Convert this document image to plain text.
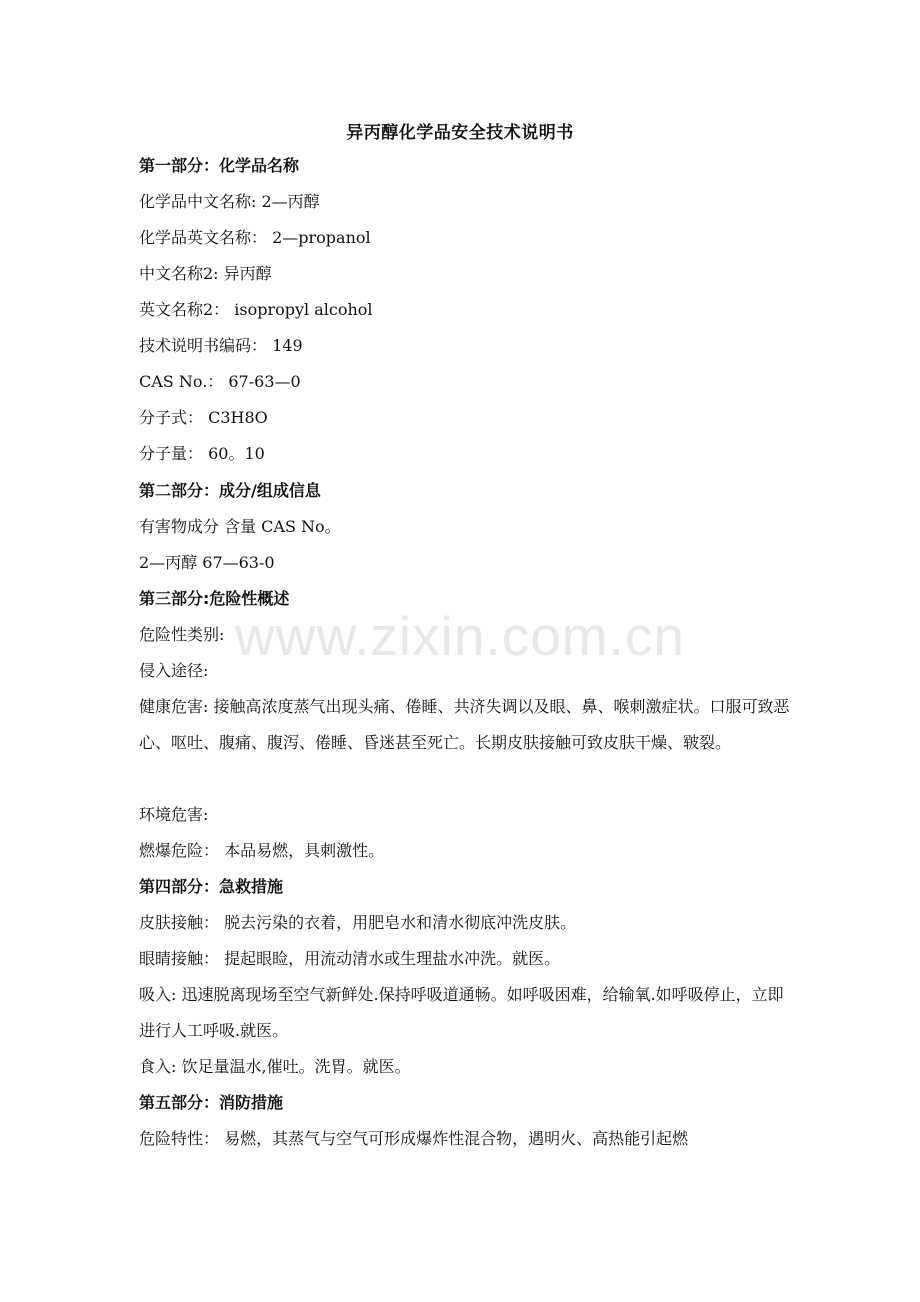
异丙醇化学品安全技术说明书
第一部分：化学品名称
化学品中文名称: 2—丙醇
化学品英文名称： 2—propanol
中文名称2: 异丙醇
英文名称2： isopropyl alcohol
技术说明书编码： 149
CAS No.： 67-63—0
分子式： C3H8O
分子量： 60。10
第二部分：成分/组成信息
有害物成分 含量 CAS No。
2—丙醇 67—63-0
第三部分:危险性概述
危险性类别:
侵入途径:
健康危害: 接触高浓度蒸气出现头痛、倦睡、共济失调以及眼、鼻、喉刺激症状。口服可致恶心、呕吐、腹痛、腹泻、倦睡、昏迷甚至死亡。长期皮肤接触可致皮肤干燥、皲裂。
环境危害:
燃爆危险： 本品易燃，具刺激性。
第四部分：急救措施
皮肤接触： 脱去污染的衣着，用肥皂水和清水彻底冲洗皮肤。
眼睛接触： 提起眼睑，用流动清水或生理盐水冲洗。就医。
吸入: 迅速脱离现场至空气新鲜处.保持呼吸道通畅。如呼吸困难，给输氧.如呼吸停止，立即进行人工呼吸.就医。
食入: 饮足量温水,催吐。洗胃。就医。
第五部分：消防措施
危险特性： 易燃，其蒸气与空气可形成爆炸性混合物，遇明火、高热能引起燃
www.zixin.com.cn
